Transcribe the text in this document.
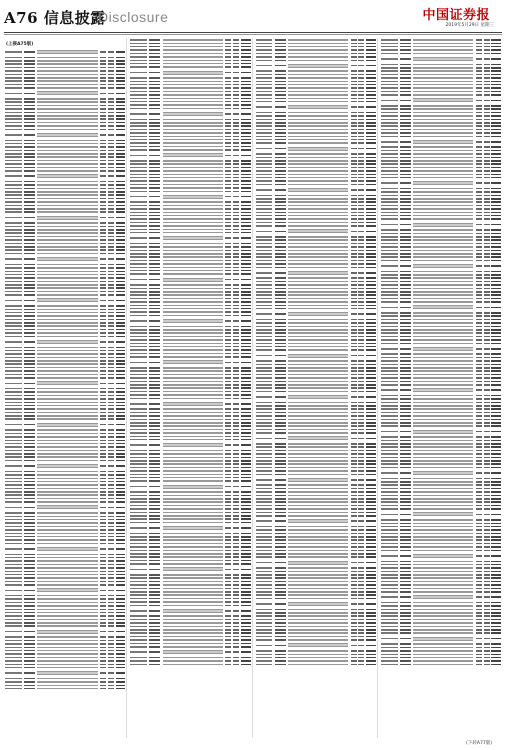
A76 信息披露
Disclosure	中国证券报
2019年5月29日 星期三
(上接A75版)
(下转A77版)
